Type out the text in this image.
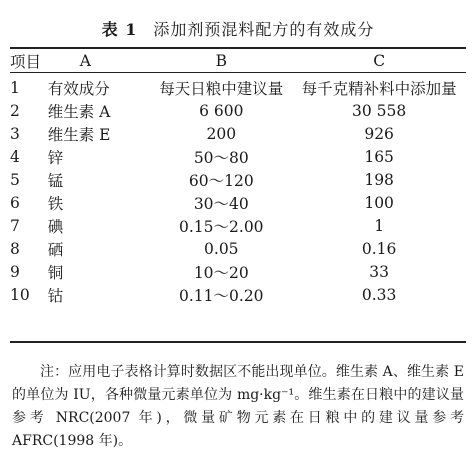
表 1 添加剂预混料配方的有效成分
项目	A	B	C
1	有效成分	每天日粮中建议量	每千克精补料中添加量
2	维生素 A	6 600	30 558
3	维生素 E	200	926
4	锌	50～80	165
5	锰	60～120	198
6	铁	30～40	100
7	碘	0.15～2.00	1
8	硒	0.05	0.16
9	铜	10～20	33
10	钴	0.11～0.20	0.33

注：应用电子表格计算时数据区不能出现单位。维生素 A、维生素 E 的单位为 IU，各种微量元素单位为 mg·kg⁻¹。维生素在日粮中的建议量参考 NRC(2007 年)，微量矿物元素在日粮中的建议量参考 AFRC(1998 年)。
